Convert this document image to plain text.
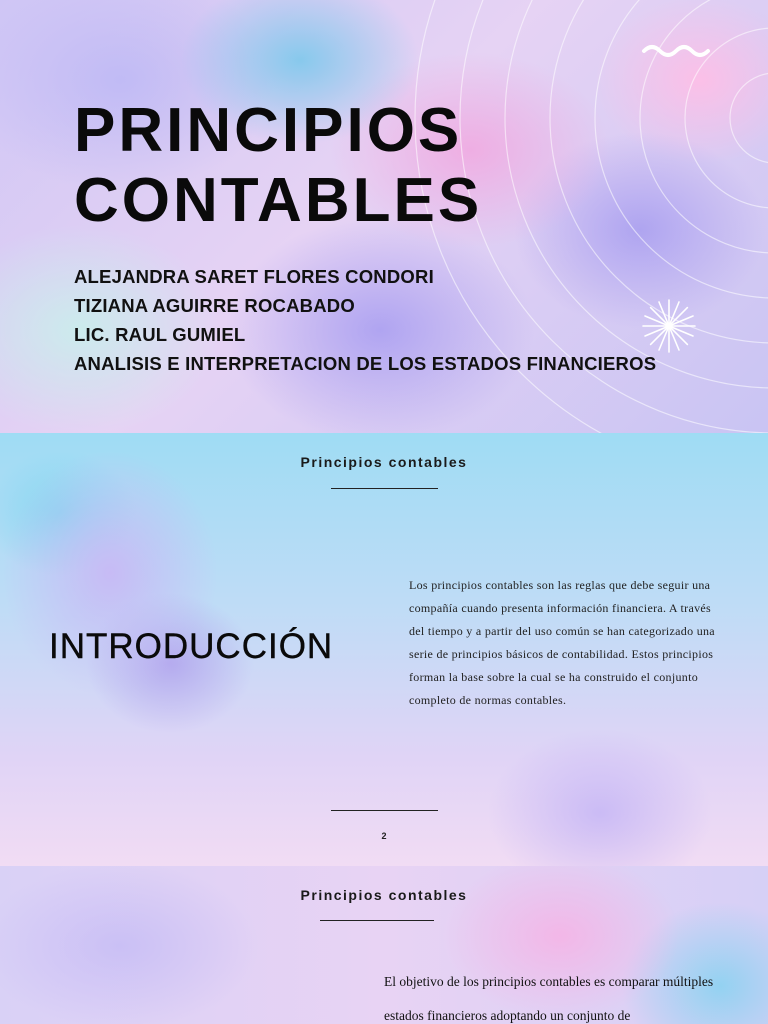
PRINCIPIOS
CONTABLES
ALEJANDRA SARET FLORES CONDORI
TIZIANA AGUIRRE ROCABADO
LIC. RAUL GUMIEL
ANALISIS E INTERPRETACION DE LOS ESTADOS FINANCIEROS
Principios contables
INTRODUCCIÓN

Los principios contables son las reglas que debe seguir una compañía cuando presenta información financiera. A través del tiempo y a partir del uso común se han categorizado una serie de principios básicos de contabilidad. Estos principios forman la base sobre la cual se ha construido el conjunto completo de normas contables.

2
Principios contables

El objetivo de los principios contables es comparar múltiples estados financieros adoptando un conjunto de
